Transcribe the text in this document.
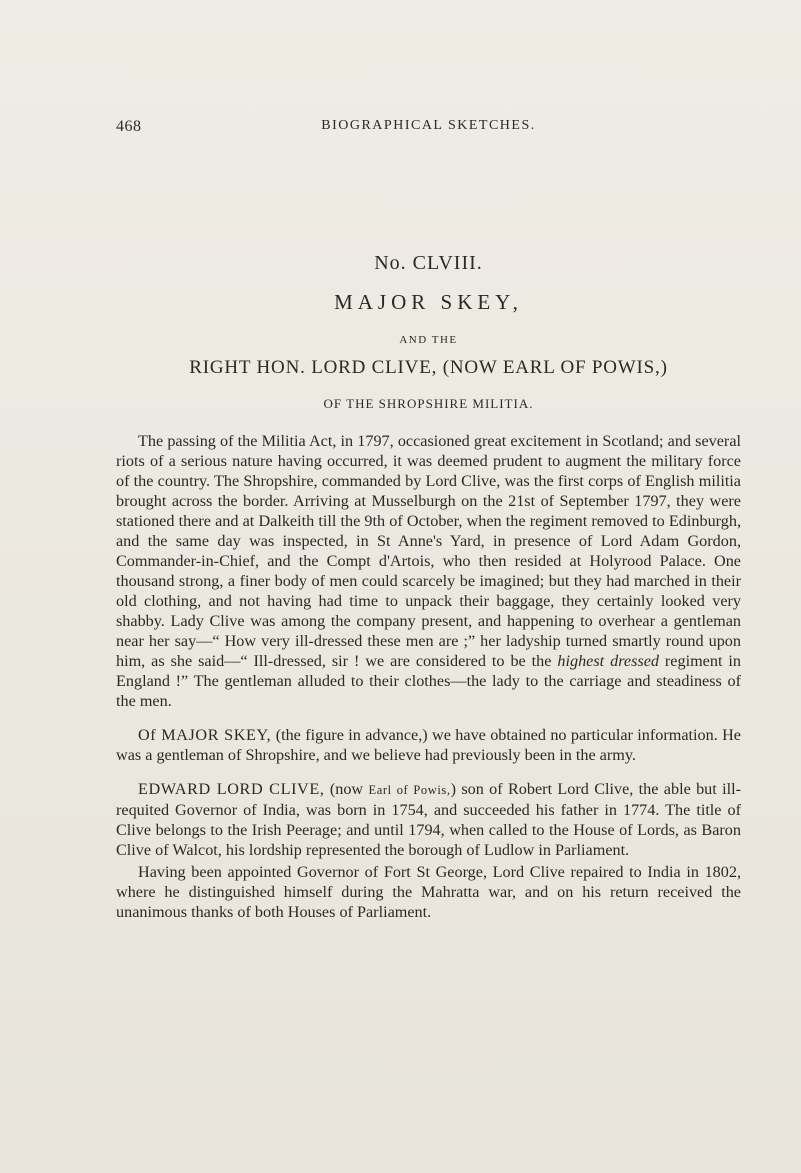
468	BIOGRAPHICAL SKETCHES.
No. CLVIII.
MAJOR SKEY,
AND THE
RIGHT HON. LORD CLIVE, (NOW EARL OF POWIS,)
OF THE SHROPSHIRE MILITIA.

The passing of the Militia Act, in 1797, occasioned great excitement in Scotland; and several riots of a serious nature having occurred, it was deemed prudent to augment the military force of the country. The Shropshire, commanded by Lord Clive, was the first corps of English militia brought across the border. Arriving at Musselburgh on the 21st of September 1797, they were stationed there and at Dalkeith till the 9th of October, when the regiment removed to Edinburgh, and the same day was inspected, in St Anne's Yard, in presence of Lord Adam Gordon, Commander-in-Chief, and the Compt d'Artois, who then resided at Holyrood Palace. One thousand strong, a finer body of men could scarcely be imagined; but they had marched in their old clothing, and not having had time to unpack their baggage, they certainly looked very shabby. Lady Clive was among the company present, and happening to overhear a gentleman near her say—“ How very ill-dressed these men are ;” her ladyship turned smartly round upon him, as she said—“ Ill-dressed, sir ! we are considered to be the highest dressed regiment in England !” The gentleman alluded to their clothes—the lady to the carriage and steadiness of the men.

Of MAJOR SKEY, (the figure in advance,) we have obtained no particular information. He was a gentleman of Shropshire, and we believe had previously been in the army.

EDWARD LORD CLIVE, (now Earl of Powis,) son of Robert Lord Clive, the able but ill-requited Governor of India, was born in 1754, and succeeded his father in 1774. The title of Clive belongs to the Irish Peerage; and until 1794, when called to the House of Lords, as Baron Clive of Walcot, his lordship represented the borough of Ludlow in Parliament.

Having been appointed Governor of Fort St George, Lord Clive repaired to India in 1802, where he distinguished himself during the Mahratta war, and on his return received the unanimous thanks of both Houses of Parliament.
